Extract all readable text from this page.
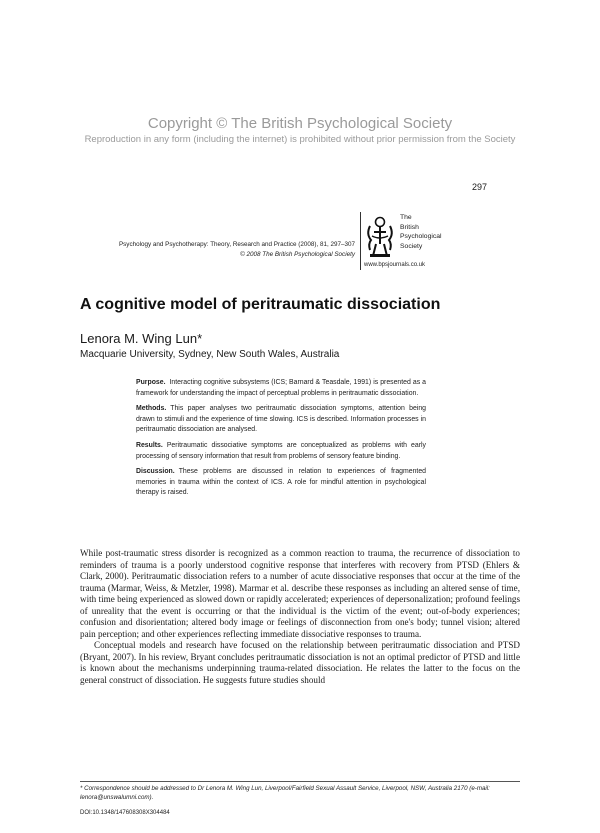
Copyright © The British Psychological Society
Reproduction in any form (including the internet) is prohibited without prior permission from the Society
297
Psychology and Psychotherapy: Theory, Research and Practice (2008), 81, 297–307
© 2008 The British Psychological Society
The
British
Psychological
Society
www.bpsjournals.co.uk
A cognitive model of peritraumatic dissociation
Lenora M. Wing Lun*
Macquarie University, Sydney, New South Wales, Australia

Purpose. Interacting cognitive subsystems (ICS; Barnard & Teasdale, 1991) is presented as a framework for understanding the impact of perceptual problems in peritraumatic dissociation.

Methods. This paper analyses two peritraumatic dissociation symptoms, attention being drawn to stimuli and the experience of time slowing. ICS is described. Information processes in peritraumatic dissociation are analysed.

Results. Peritraumatic dissociative symptoms are conceptualized as problems with early processing of sensory information that result from problems of sensory feature binding.

Discussion. These problems are discussed in relation to experiences of fragmented memories in trauma within the context of ICS. A role for mindful attention in psychological therapy is raised.

While post-traumatic stress disorder is recognized as a common reaction to trauma, the recurrence of dissociation to reminders of trauma is a poorly understood cognitive response that interferes with recovery from PTSD (Ehlers & Clark, 2000). Peritraumatic dissociation refers to a number of acute dissociative responses that occur at the time of the trauma (Marmar, Weiss, & Metzler, 1998). Marmar et al. describe these responses as including an altered sense of time, with time being experienced as slowed down or rapidly accelerated; experiences of depersonalization; profound feelings of unreality that the event is occurring or that the individual is the victim of the event; out-of-body experiences; confusion and disorientation; altered body image or feelings of disconnection from one's body; tunnel vision; altered pain perception; and other experiences reflecting immediate dissociative responses to trauma.

Conceptual models and research have focused on the relationship between peritraumatic dissociation and PTSD (Bryant, 2007). In his review, Bryant concludes peritraumatic dissociation is not an optimal predictor of PTSD and little is known about the mechanisms underpinning trauma-related dissociation. He relates the latter to the focus on the general construct of dissociation. He suggests future studies should

* Correspondence should be addressed to Dr Lenora M. Wing Lun, Liverpool/Fairfield Sexual Assault Service, Liverpool, NSW, Australia 2170 (e-mail: lenora@unswalumni.com).
DOI:10.1348/147608308X304484
